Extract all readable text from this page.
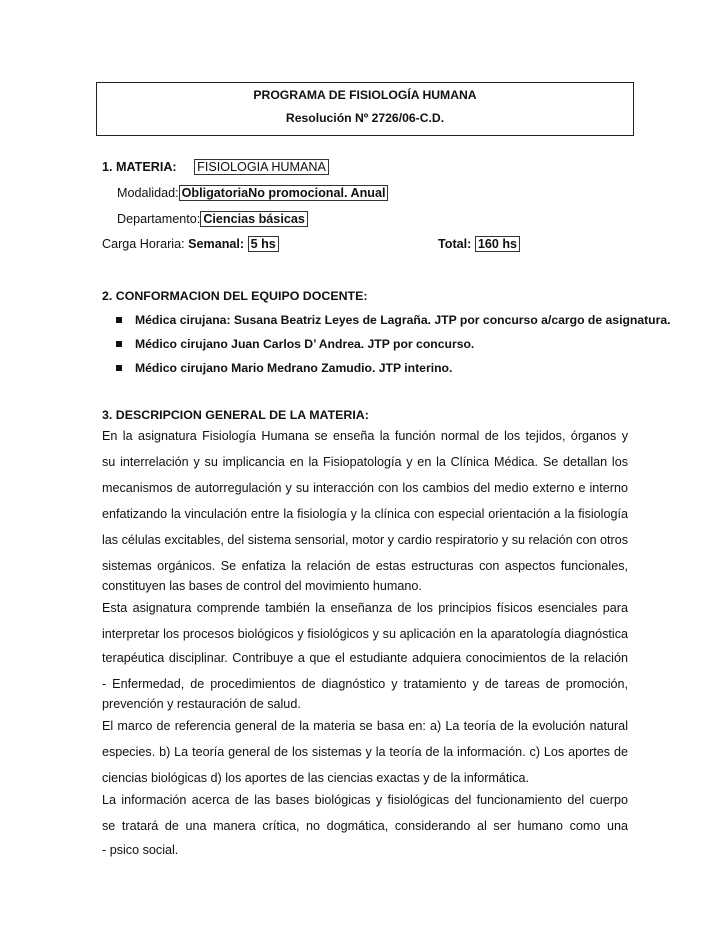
PROGRAMA DE FISIOLOGÍA HUMANA
Resolución Nº 2726/06-C.D.
1. MATERIA: FISIOLOGIA HUMANA
Modalidad: ObligatoriaNo promocional. Anual
Departamento: Ciencias básicas
Carga Horaria: Semanal: 5 hs	Total: 160 hs
2. CONFORMACION DEL EQUIPO DOCENTE:
Médica cirujana: Susana Beatriz Leyes de Lagraña. JTP por concurso a/cargo de asignatura.
Médico cirujano Juan Carlos D’ Andrea. JTP por concurso.
Médico cirujano Mario Medrano Zamudio. JTP interino.
3. DESCRIPCION GENERAL DE LA MATERIA:
En la asignatura Fisiología Humana se enseña la función normal de los tejidos, órganos y
su interrelación y su implicancia en la Fisiopatología y en la Clínica Médica. Se detallan los
mecanismos de autorregulación y su interacción con los cambios del medio externo e interno
enfatizando la vinculación entre la fisiología y la clínica con especial orientación a la fisiología
las células excitables, del sistema sensorial, motor y cardio respiratorio y su relación con otros
sistemas orgánicos. Se enfatiza la relación de estas estructuras con aspectos funcionales,
constituyen las bases de control del movimiento humano.
Esta asignatura comprende también la enseñanza de los principios físicos esenciales para
interpretar los procesos biológicos y fisiológicos y su aplicación en la aparatología diagnóstica
terapéutica disciplinar. Contribuye a que el estudiante adquiera conocimientos de la relación
- Enfermedad, de procedimientos de diagnóstico y tratamiento y de tareas de promoción,
prevención y restauración de salud.
El marco de referencia general de la materia se basa en: a) La teoría de la evolución natural
especies. b) La teoría general de los sistemas y la teoría de la información. c) Los aportes de
ciencias biológicas d) los aportes de las ciencias exactas y de la informática.
La información acerca de las bases biológicas y fisiológicas del funcionamiento del cuerpo
se tratará de una manera crítica, no dogmática, considerando al ser humano como una
- psico social.
